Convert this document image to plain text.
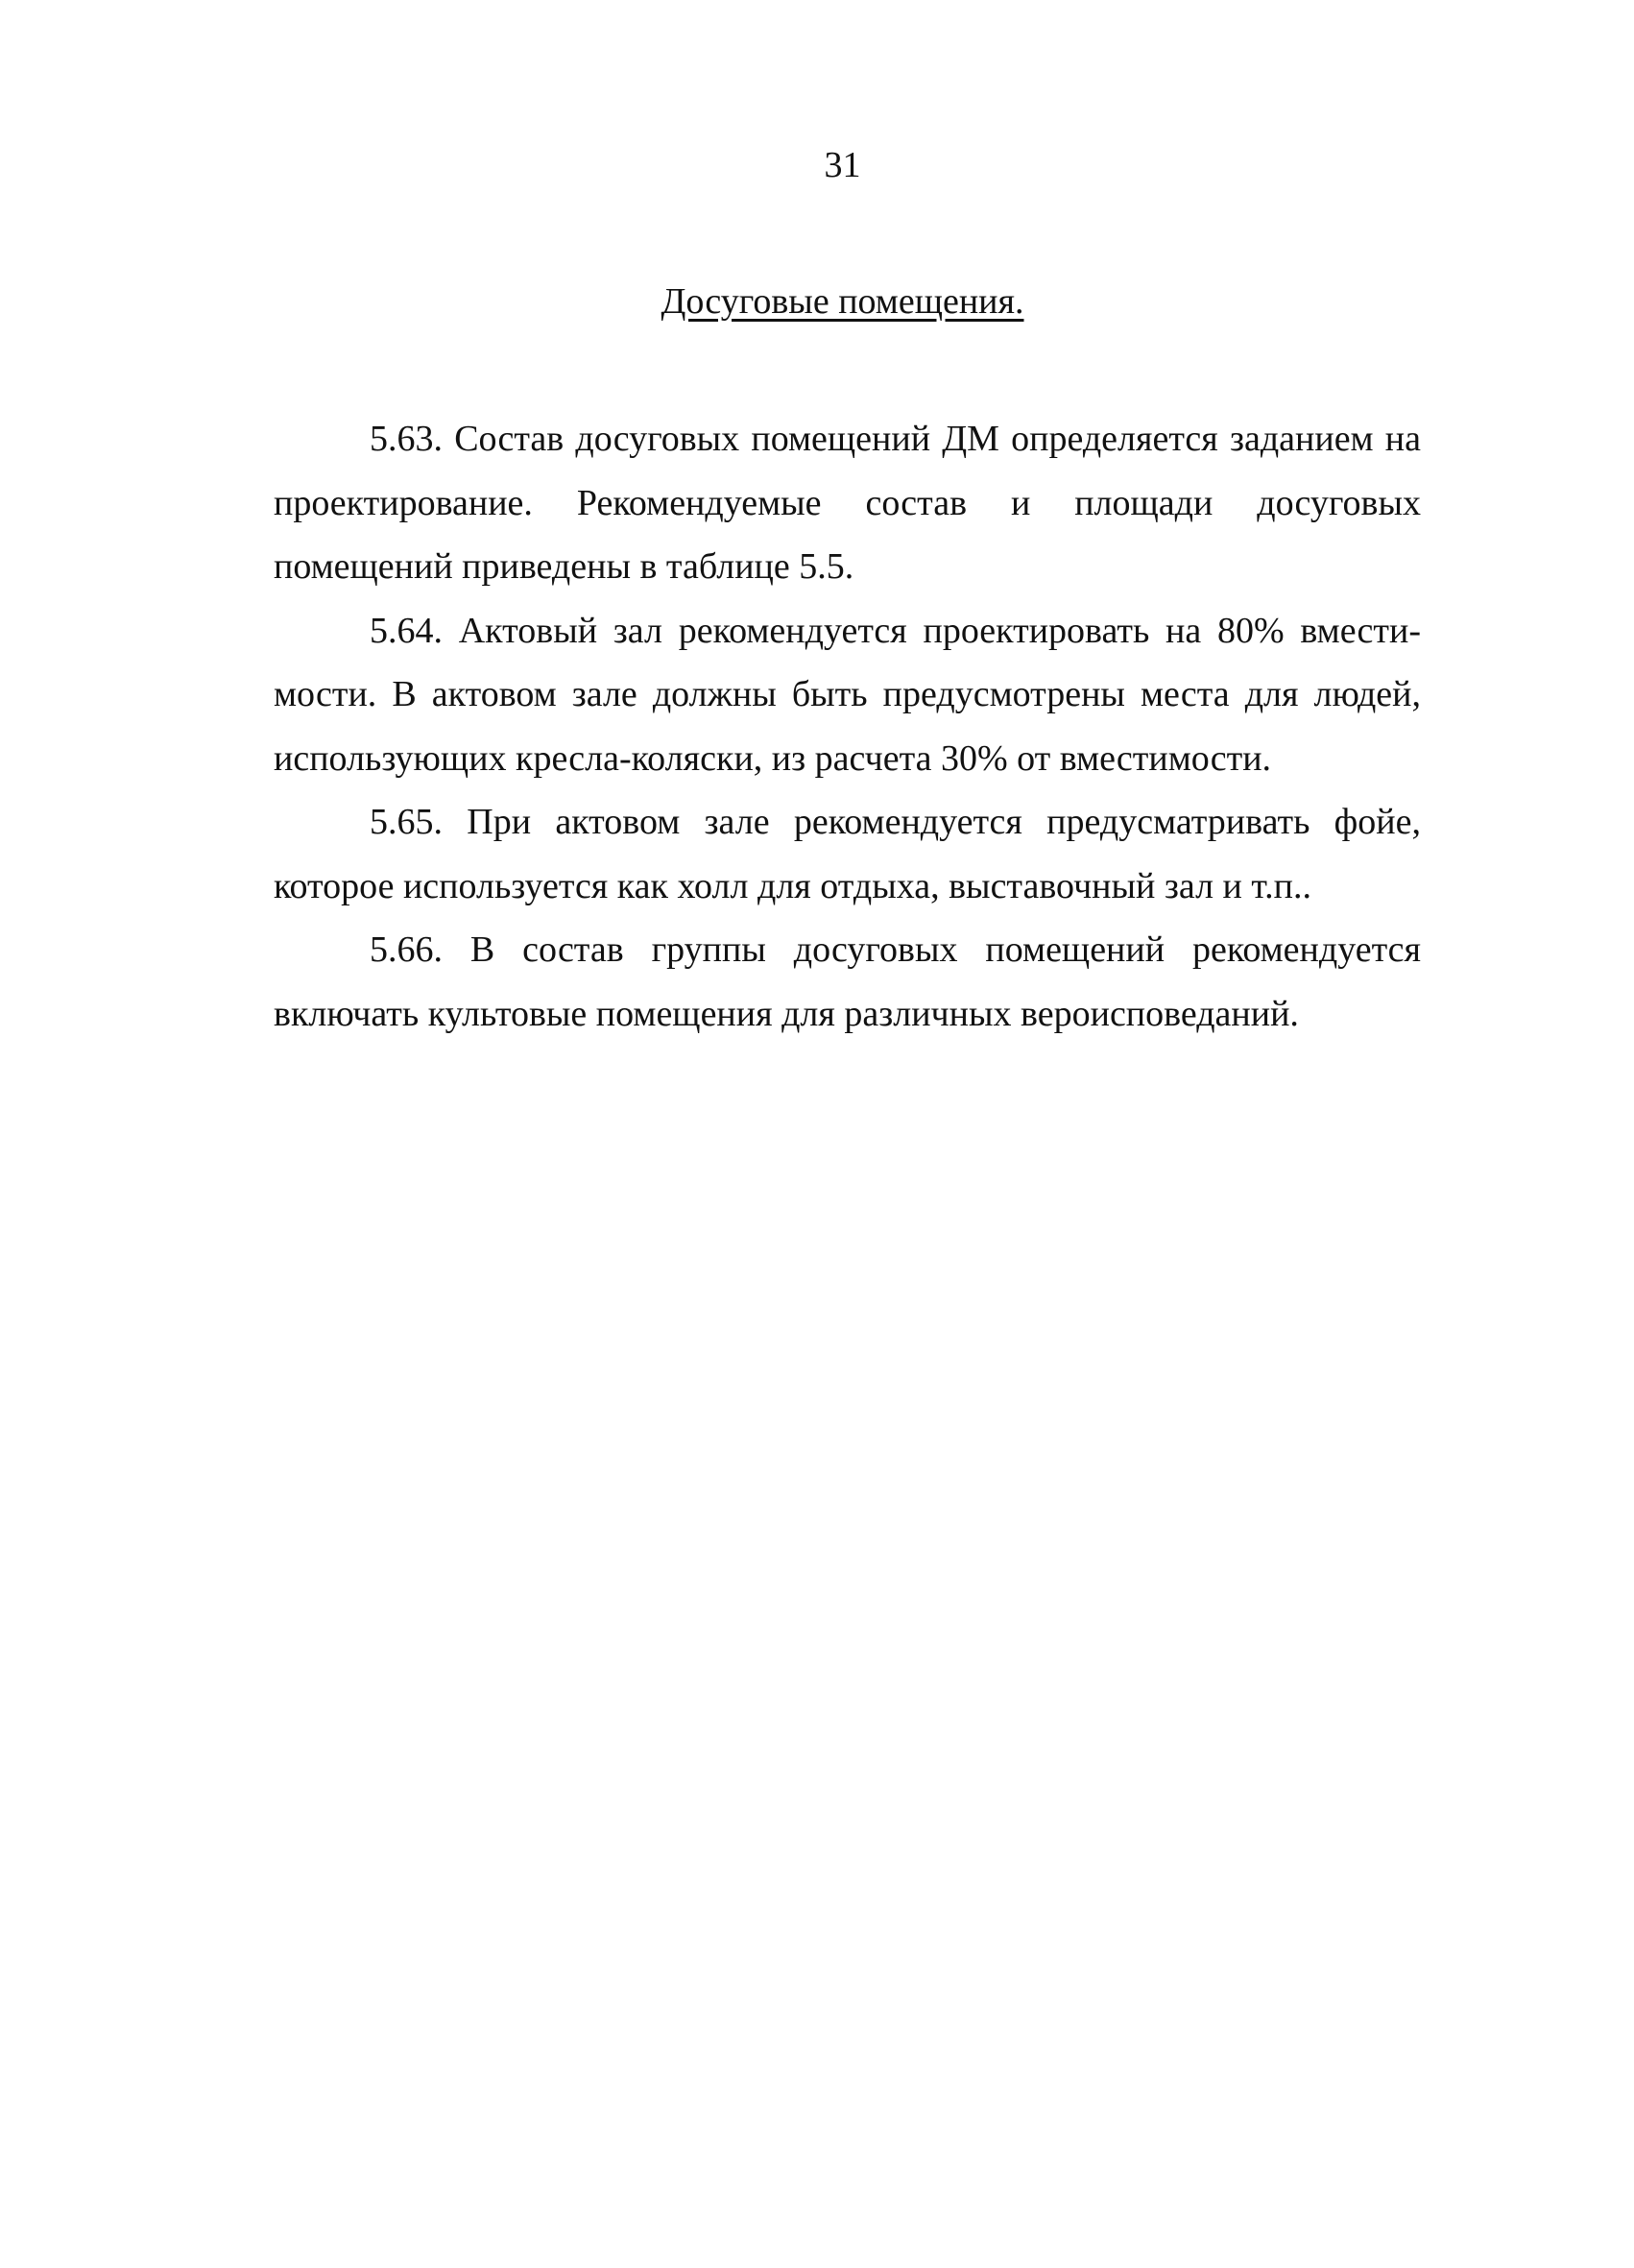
31
Досуговые помещения.

5.63. Состав досуговых помещений ДМ определяется заданием на проектирование. Рекомендуемые состав и площади досуговых помещений приведены в таблице 5.5.

5.64. Актовый зал рекомендуется проектировать на 80% вместимости. В актовом зале должны быть предусмотрены места для людей, использующих кресла-коляски, из расчета 30% от вместимости.

5.65. При актовом зале рекомендуется предусматривать фойе, которое используется как холл для отдыха, выставочный зал и т.п..

5.66. В состав группы досуговых помещений рекомендуется включать культовые помещения для различных вероисповеданий.
